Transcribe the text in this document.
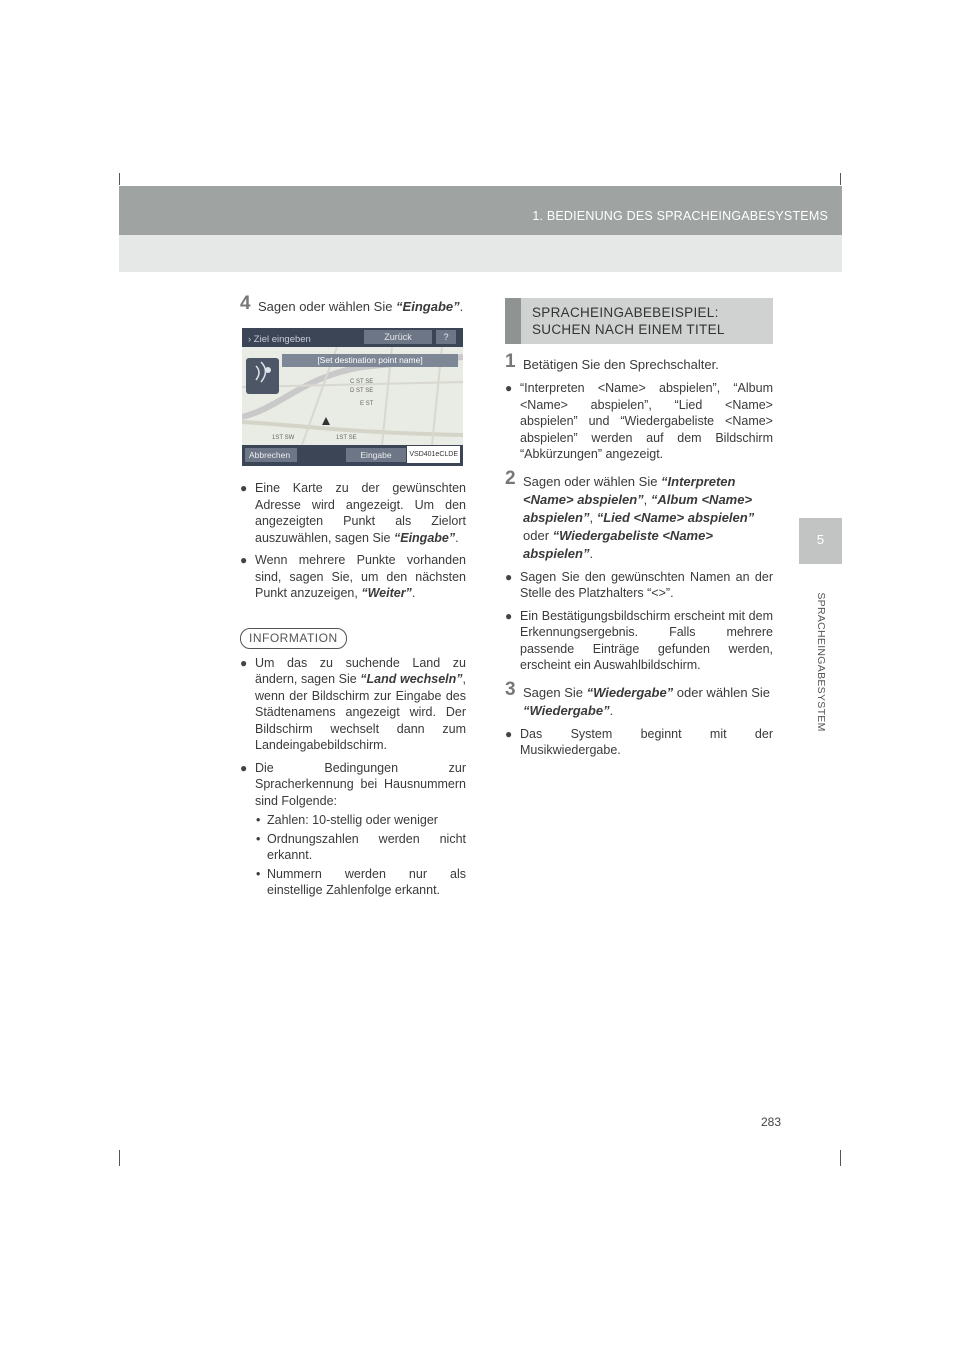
1. BEDIENUNG DES SPRACHEINGABESYSTEMS
5
SPRACHEINGABESYSTEM
4 Sagen oder wählen Sie “Eingabe”.
› Ziel eingeben	Zurück	?
C ST SE
D ST SE
E ST
1ST SW	1ST SE
[Set destination point name]
Abbrechen	Eingabe	VSD401eCLDE
● Eine Karte zu der gewünschten Adresse wird angezeigt. Um den angezeigten Punkt als Zielort auszuwählen, sagen Sie “Eingabe”.
● Wenn mehrere Punkte vorhanden sind, sagen Sie, um den nächsten Punkt anzuzeigen, “Weiter”.
INFORMATION
● Um das zu suchende Land zu ändern, sagen Sie “Land wechseln”, wenn der Bildschirm zur Eingabe des Städtenamens angezeigt wird. Der Bildschirm wechselt dann zum Landeingabebildschirm.
● Die Bedingungen zur Spracherkennung bei Hausnummern sind Folgende:
• Zahlen: 10-stellig oder weniger
• Ordnungszahlen werden nicht erkannt.
• Nummern werden nur als einstellige Zahlenfolge erkannt.
SPRACHEINGABEBEISPIEL:
SUCHEN NACH EINEM TITEL
1 Betätigen Sie den Sprechschalter.
● “Interpreten <Name> abspielen”, “Album <Name> abspielen”, “Lied <Name> abspielen” und “Wiedergabeliste <Name> abspielen” werden auf dem Bildschirm “Abkürzungen” angezeigt.
2 Sagen oder wählen Sie “Interpreten <Name> abspielen”, “Album <Name> abspielen”, “Lied <Name> abspielen” oder “Wiedergabeliste <Name> abspielen”.
● Sagen Sie den gewünschten Namen an der Stelle des Platzhalters “<>”.
● Ein Bestätigungsbildschirm erscheint mit dem Erkennungsergebnis. Falls mehrere passende Einträge gefunden werden, erscheint ein Auswahlbildschirm.
3 Sagen Sie “Wiedergabe” oder wählen Sie “Wiedergabe”.
● Das System beginnt mit der Musikwiedergabe.
283
